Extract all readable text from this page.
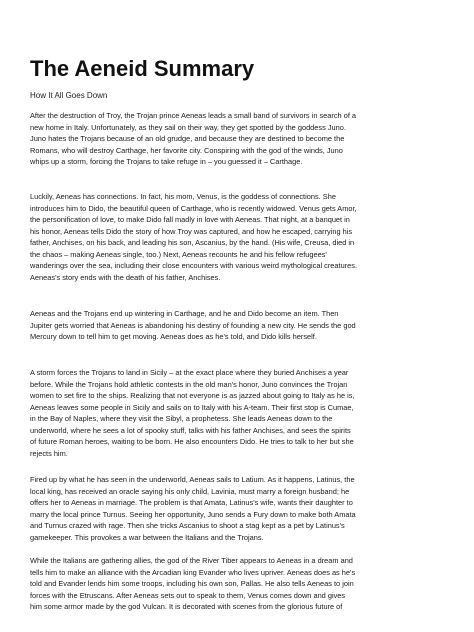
The Aeneid Summary

How It All Goes Down

After the destruction of Troy, the Trojan prince Aeneas leads a small band of survivors in search of a
new home in Italy. Unfortunately, as they sail on their way, they get spotted by the goddess Juno.
Juno hates the Trojans because of an old grudge, and because they are destined to become the
Romans, who will destroy Carthage, her favorite city. Conspiring with the god of the winds, Juno
whips up a storm, forcing the Trojans to take refuge in – you guessed it – Carthage.
Luckily, Aeneas has connections. In fact, his mom, Venus, is the goddess of connections. She
introduces him to Dido, the beautiful queen of Carthage, who is recently widowed. Venus gets Amor,
the personification of love, to make Dido fall madly in love with Aeneas. That night, at a banquet in
his honor, Aeneas tells Dido the story of how Troy was captured, and how he escaped, carrying his
father, Anchises, on his back, and leading his son, Ascanius, by the hand. (His wife, Creusa, died in
the chaos – making Aeneas single, too.) Next, Aeneas recounts he and his fellow refugees'
wanderings over the sea, including their close encounters with various weird mythological creatures.
Aeneas's story ends with the death of his father, Anchises.
Aeneas and the Trojans end up wintering in Carthage, and he and Dido become an item. Then
Jupiter gets worried that Aeneas is abandoning his destiny of founding a new city. He sends the god
Mercury down to tell him to get moving. Aeneas does as he's told, and Dido kills herself.
A storm forces the Trojans to land in Sicily – at the exact place where they buried Anchises a year
before. While the Trojans hold athletic contests in the old man's honor, Juno convinces the Trojan
women to set fire to the ships. Realizing that not everyone is as jazzed about going to Italy as he is,
Aeneas leaves some people in Sicily and sails on to Italy with his A-team. Their first stop is Cumae,
in the Bay of Naples, where they visit the Sibyl, a prophetess. She leads Aeneas down to the
underworld, where he sees a lot of spooky stuff, talks with his father Anchises, and sees the spirits
of future Roman heroes, waiting to be born. He also encounters Dido. He tries to talk to her but she
rejects him.
Fired up by what he has seen in the underworld, Aeneas sails to Latium. As it happens, Latinus, the
local king, has received an oracle saying his only child, Lavinia, must marry a foreign husband; he
offers her to Aeneas in marriage. The problem is that Amata, Latinus's wife, wants their daughter to
marry the local prince Turnus. Seeing her opportunity, Juno sends a Fury down to make both Amata
and Turnus crazed with rage. Then she tricks Ascanius to shoot a stag kept as a pet by Latinus's
gamekeeper. This provokes a war between the Italians and the Trojans.
While the Italians are gathering allies, the god of the River Tiber appears to Aeneas in a dream and
tells him to make an alliance with the Arcadian king Evander who lives upriver. Aeneas does as he's
told and Evander lends him some troops, including his own son, Pallas. He also tells Aeneas to join
forces with the Etruscans. After Aeneas sets out to speak to them, Venus comes down and gives
him some armor made by the god Vulcan. It is decorated with scenes from the glorious future of
